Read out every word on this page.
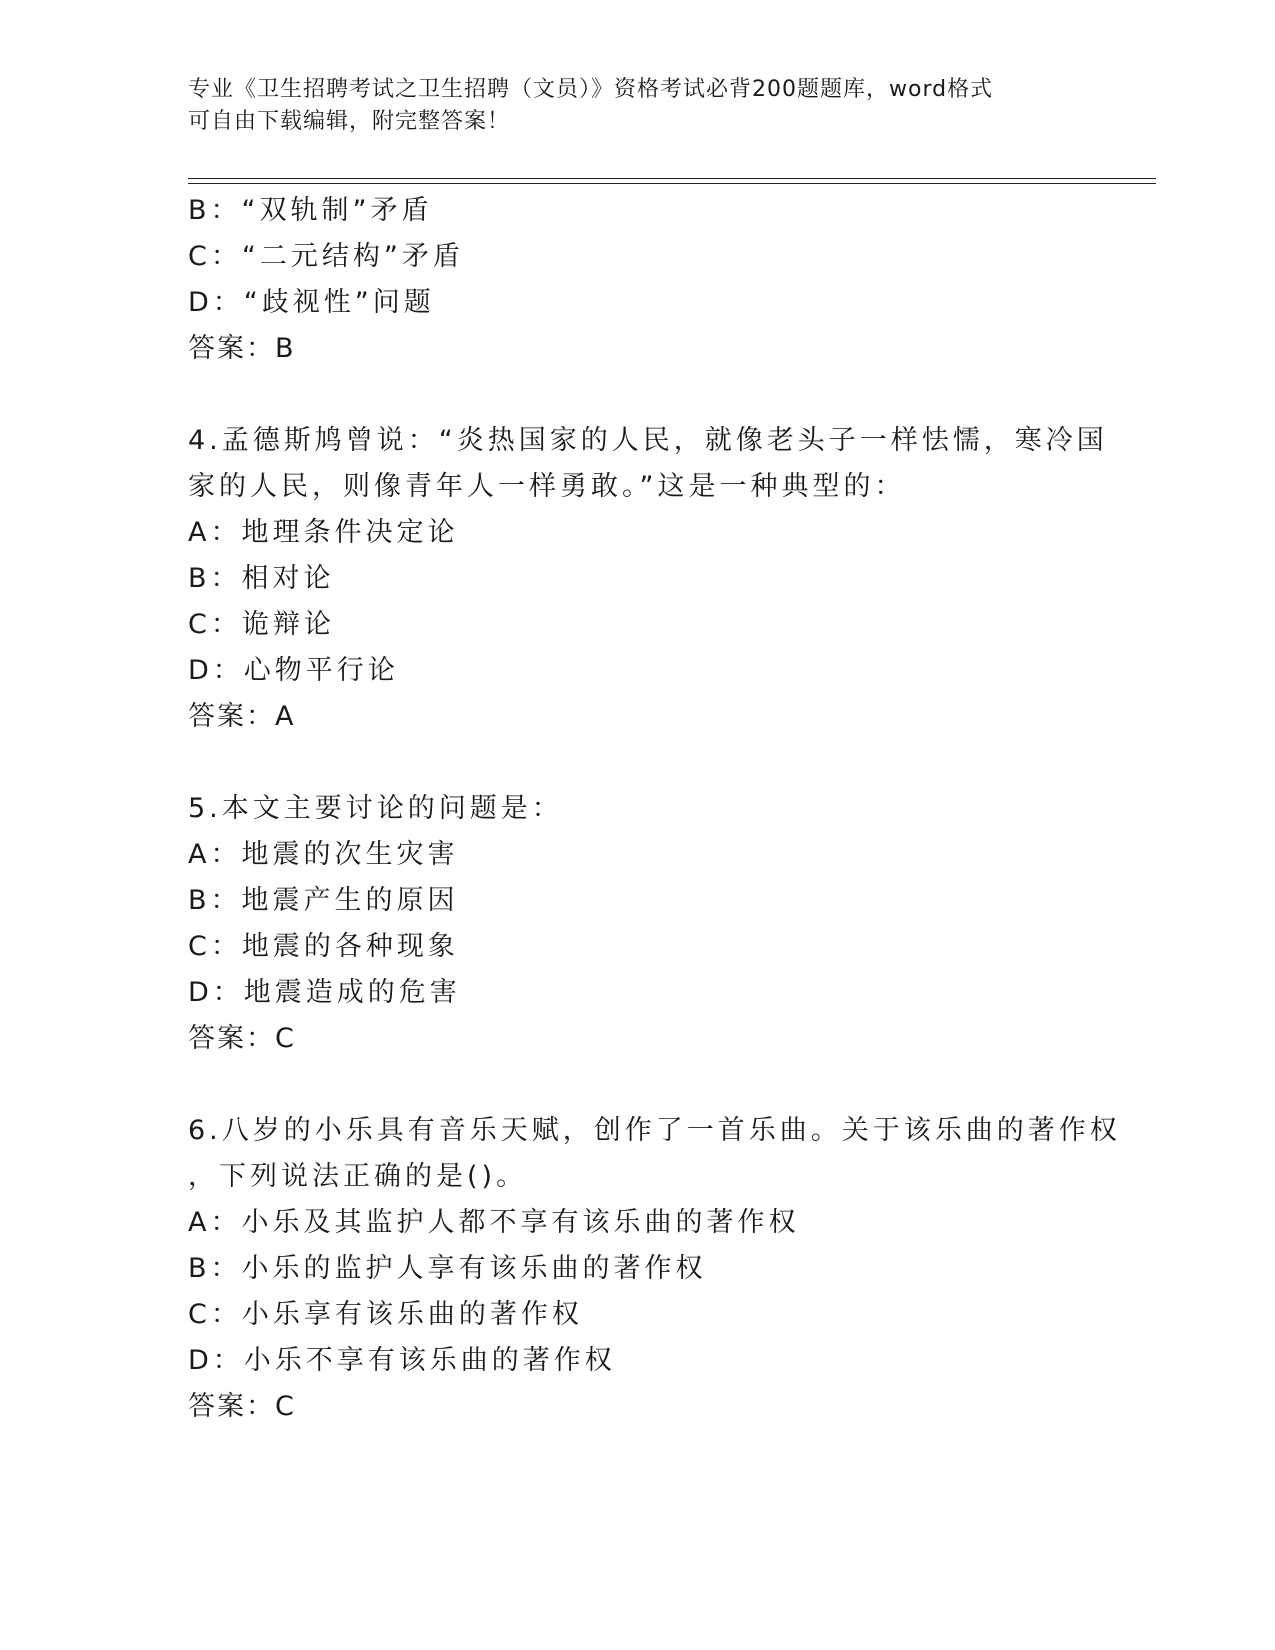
专业《卫生招聘考试之卫生招聘（文员）》资格考试必背200题题库，word格式
可自由下载编辑，附完整答案！
B：“双轨制”矛盾
C：“二元结构”矛盾
D：“歧视性”问题
答案：B
4.孟德斯鸠曾说：“炎热国家的人民，就像老头子一样怯懦，寒冷国
家的人民，则像青年人一样勇敢。”这是一种典型的：
A：地理条件决定论
B：相对论
C：诡辩论
D：心物平行论
答案：A
5.本文主要讨论的问题是：
A：地震的次生灾害
B：地震产生的原因
C：地震的各种现象
D：地震造成的危害
答案：C
6.八岁的小乐具有音乐天赋，创作了一首乐曲。关于该乐曲的著作权
，下列说法正确的是()。
A：小乐及其监护人都不享有该乐曲的著作权
B：小乐的监护人享有该乐曲的著作权
C：小乐享有该乐曲的著作权
D：小乐不享有该乐曲的著作权
答案：C
